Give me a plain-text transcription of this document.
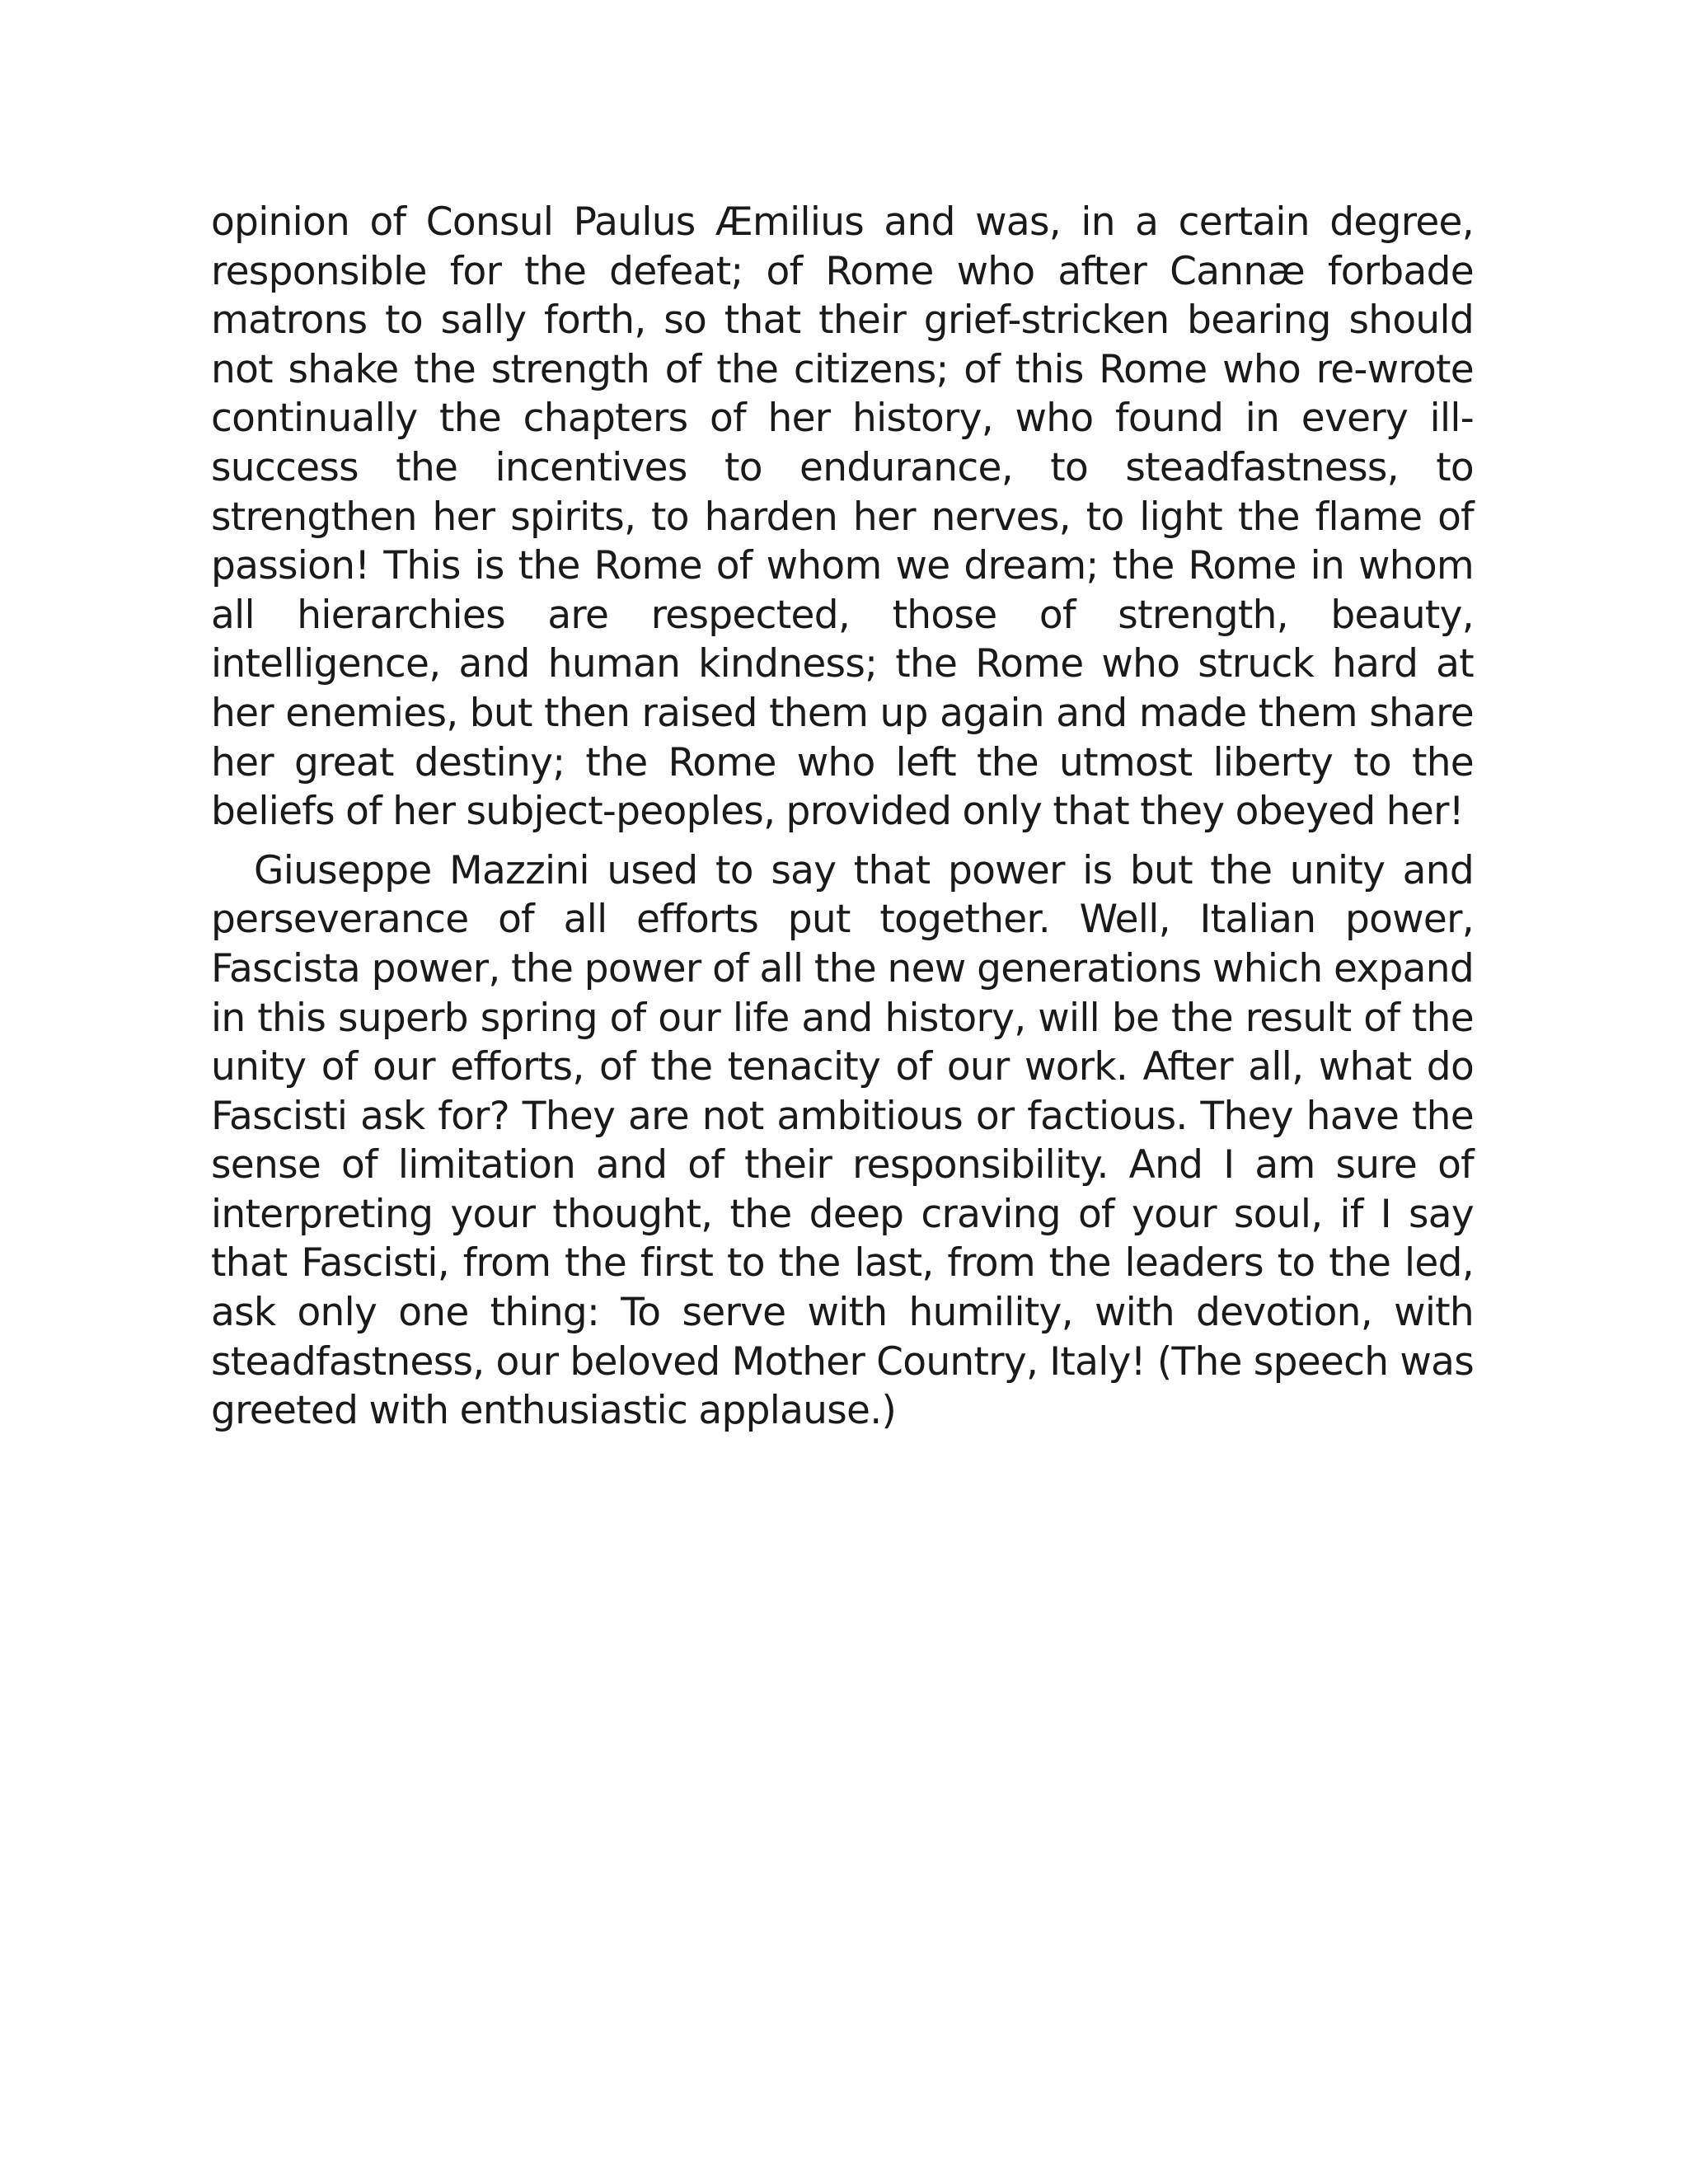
opinion of Consul Paulus Æmilius and was, in a certain degree, responsible for the defeat; of Rome who after Cannæ forbade matrons to sally forth, so that their grief-stricken bearing should not shake the strength of the citizens; of this Rome who re-wrote continually the chapters of her history, who found in every ill-success the incentives to endurance, to steadfastness, to strengthen her spirits, to harden her nerves, to light the flame of passion! This is the Rome of whom we dream; the Rome in whom all hierarchies are respected, those of strength, beauty, intelligence, and human kindness; the Rome who struck hard at her enemies, but then raised them up again and made them share her great destiny; the Rome who left the utmost liberty to the beliefs of her subject-peoples, provided only that they obeyed her!

Giuseppe Mazzini used to say that power is but the unity and perseverance of all efforts put together. Well, Italian power, Fascista power, the power of all the new generations which expand in this superb spring of our life and history, will be the result of the unity of our efforts, of the tenacity of our work. After all, what do Fascisti ask for? They are not ambitious or factious. They have the sense of limitation and of their responsibility. And I am sure of interpreting your thought, the deep craving of your soul, if I say that Fascisti, from the first to the last, from the leaders to the led, ask only one thing: To serve with humility, with devotion, with steadfastness, our beloved Mother Country, Italy! (The speech was greeted with enthusiastic applause.)
